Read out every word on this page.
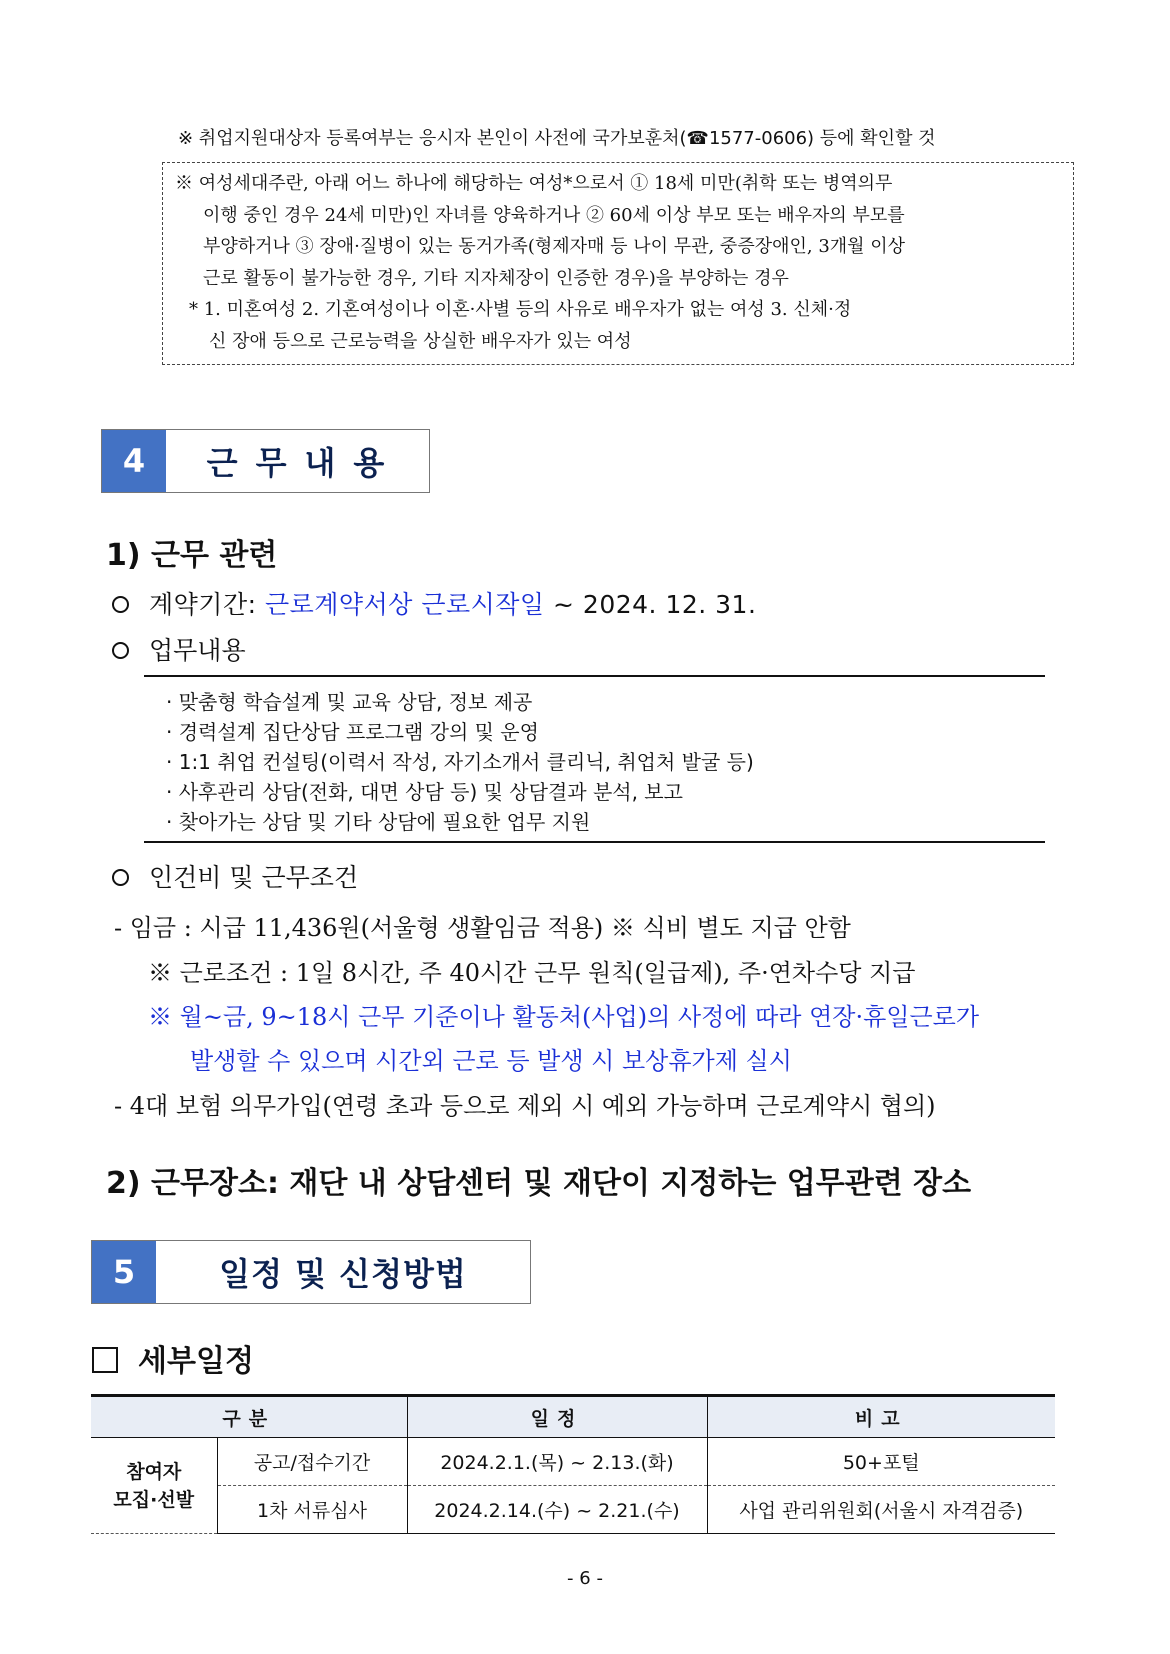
※ 취업지원대상자 등록여부는 응시자 본인이 사전에 국가보훈처(☎1577-0606) 등에 확인할 것
※ 여성세대주란, 아래 어느 하나에 해당하는 여성*으로서 ① 18세 미만(취학 또는 병역의무
이행 중인 경우 24세 미만)인 자녀를 양육하거나 ② 60세 이상 부모 또는 배우자의 부모를
부양하거나 ③ 장애·질병이 있는 동거가족(형제자매 등 나이 무관, 중증장애인, 3개월 이상
근로 활동이 불가능한 경우, 기타 지자체장이 인증한 경우)을 부양하는 경우
* 1. 미혼여성 2. 기혼여성이나 이혼·사별 등의 사유로 배우자가 없는 여성 3. 신체·정
신 장애 등으로 근로능력을 상실한 배우자가 있는 여성
4	근무내용
1) 근무 관련
계약기간: 근로계약서상 근로시작일 ~ 2024. 12. 31.
업무내용
· 맞춤형 학습설계 및 교육 상담, 정보 제공
· 경력설계 집단상담 프로그램 강의 및 운영
· 1:1 취업 컨설팅(이력서 작성, 자기소개서 클리닉, 취업처 발굴 등)
· 사후관리 상담(전화, 대면 상담 등) 및 상담결과 분석, 보고
· 찾아가는 상담 및 기타 상담에 필요한 업무 지원
인건비 및 근무조건
- 임금 : 시급 11,436원(서울형 생활임금 적용) ※ 식비 별도 지급 안함
※ 근로조건 : 1일 8시간, 주 40시간 근무 원칙(일급제), 주·연차수당 지급
※ 월~금, 9~18시 근무 기준이나 활동처(사업)의 사정에 따라 연장·휴일근로가
발생할 수 있으며 시간외 근로 등 발생 시 보상휴가제 실시
- 4대 보험 의무가입(연령 초과 등으로 제외 시 예외 가능하며 근로계약시 협의)
2) 근무장소: 재단 내 상담센터 및 재단이 지정하는 업무관련 장소
5	일정 및 신청방법
세부일정
구분		일정	비고

참여자
모집·선발	공고/접수기간	2024.2.1.(목) ~ 2.13.(화)	50+포털
	1차 서류심사	2024.2.14.(수) ~ 2.21.(수)	사업 관리위원회(서울시 자격검증)
- 6 -
